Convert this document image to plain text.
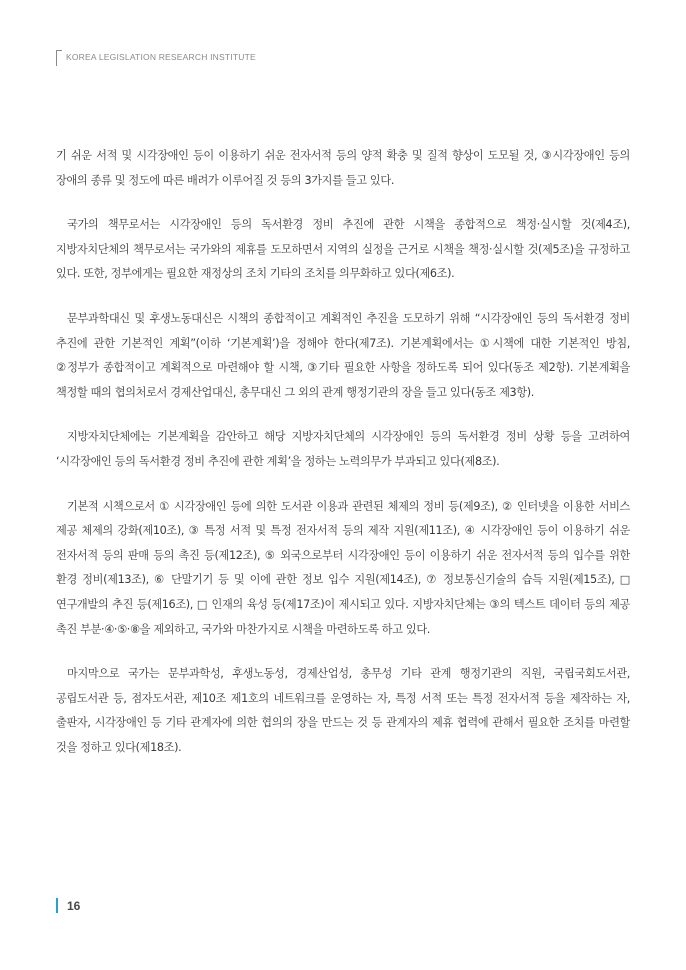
KOREA LEGISLATION RESEARCH INSTITUTE

기 쉬운 서적 및 시각장애인 등이 이용하기 쉬운 전자서적 등의 양적 확충 및 질적 향상이 도모될 것, ③시각장애인 등의 장애의 종류 및 정도에 따른 배려가 이루어질 것 등의 3가지를 들고 있다.

국가의 책무로서는 시각장애인 등의 독서환경 정비 추진에 관한 시책을 종합적으로 책정·실시할 것(제4조), 지방자치단체의 책무로서는 국가와의 제휴를 도모하면서 지역의 실정을 근거로 시책을 책정·실시할 것(제5조)을 규정하고 있다. 또한, 정부에게는 필요한 재정상의 조치 기타의 조치를 의무화하고 있다(제6조).

문부과학대신 및 후생노동대신은 시책의 종합적이고 계획적인 추진을 도모하기 위해 “시각장애인 등의 독서환경 정비 추진에 관한 기본적인 계획”(이하 ‘기본계획’)을 정해야 한다(제7조). 기본계획에서는 ①시책에 대한 기본적인 방침, ②정부가 종합적이고 계획적으로 마련해야 할 시책, ③기타 필요한 사항을 정하도록 되어 있다(동조 제2항). 기본계획을 책정할 때의 협의처로서 경제산업대신, 총무대신 그 외의 관계 행정기관의 장을 들고 있다(동조 제3항).

지방자치단체에는 기본계획을 감안하고 해당 지방자치단체의 시각장애인 등의 독서환경 정비 상황 등을 고려하여 ‘시각장애인 등의 독서환경 정비 추진에 관한 계획’을 정하는 노력의무가 부과되고 있다(제8조).

기본적 시책으로서 ① 시각장애인 등에 의한 도서관 이용과 관련된 체제의 정비 등(제9조), ② 인터넷을 이용한 서비스 제공 체제의 강화(제10조), ③ 특정 서적 및 특정 전자서적 등의 제작 지원(제11조), ④ 시각장애인 등이 이용하기 쉬운 전자서적 등의 판매 등의 촉진 등(제12조), ⑤ 외국으로부터 시각장애인 등이 이용하기 쉬운 전자서적 등의 입수를 위한 환경 정비(제13조), ⑥ 단말기기 등 및 이에 관한 정보 입수 지원(제14조), ⑦ 정보통신기술의 습득 지원(제15조), □ 연구개발의 추진 등(제16조), □ 인재의 육성 등(제17조)이 제시되고 있다. 지방자치단체는 ③의 텍스트 데이터 등의 제공 촉진 부분·④·⑤·⑧을 제외하고, 국가와 마찬가지로 시책을 마련하도록 하고 있다.

마지막으로 국가는 문부과학성, 후생노동성, 경제산업성, 총무성 기타 관계 행정기관의 직원, 국립국회도서관, 공립도서관 등, 점자도서관, 제10조 제1호의 네트워크를 운영하는 자, 특정 서적 또는 특정 전자서적 등을 제작하는 자, 출판자, 시각장애인 등 기타 관계자에 의한 협의의 장을 만드는 것 등 관계자의 제휴 협력에 관해서 필요한 조치를 마련할 것을 정하고 있다(제18조).

16
